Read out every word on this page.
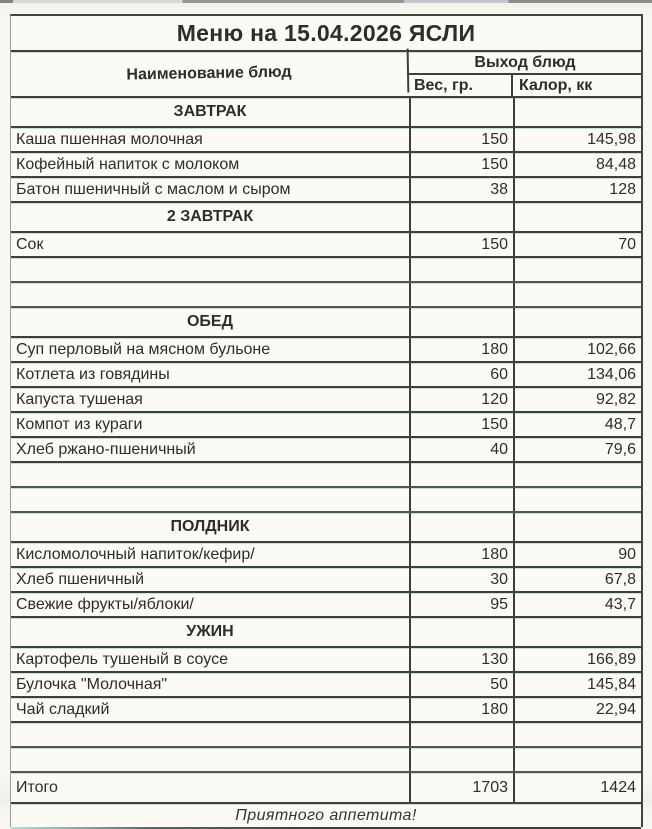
Меню на 15.04.2026 ЯСЛИ
Наименование блюд
Выход блюд
Вес, гр.	Калор, кк
ЗАВТРАК
Каша пшенная молочная	150	145,98
Кофейный напиток с молоком	150	84,48
Батон пшеничный с маслом и сыром	38	128
2 ЗАВТРАК
Сок	150	70
ОБЕД
Суп перловый на мясном бульоне	180	102,66
Котлета из говядины	60	134,06
Капуста тушеная	120	92,82
Компот из кураги	150	48,7
Хлеб ржано-пшеничный	40	79,6
ПОЛДНИК
Кисломолочный напиток/кефир/	180	90
Хлеб пшеничный	30	67,8
Свежие фрукты/яблоки/	95	43,7
УЖИН
Картофель тушеный в соусе	130	166,89
Булочка "Молочная"	50	145,84
Чай сладкий	180	22,94
Итого	1703	1424
Приятного аппетита!
